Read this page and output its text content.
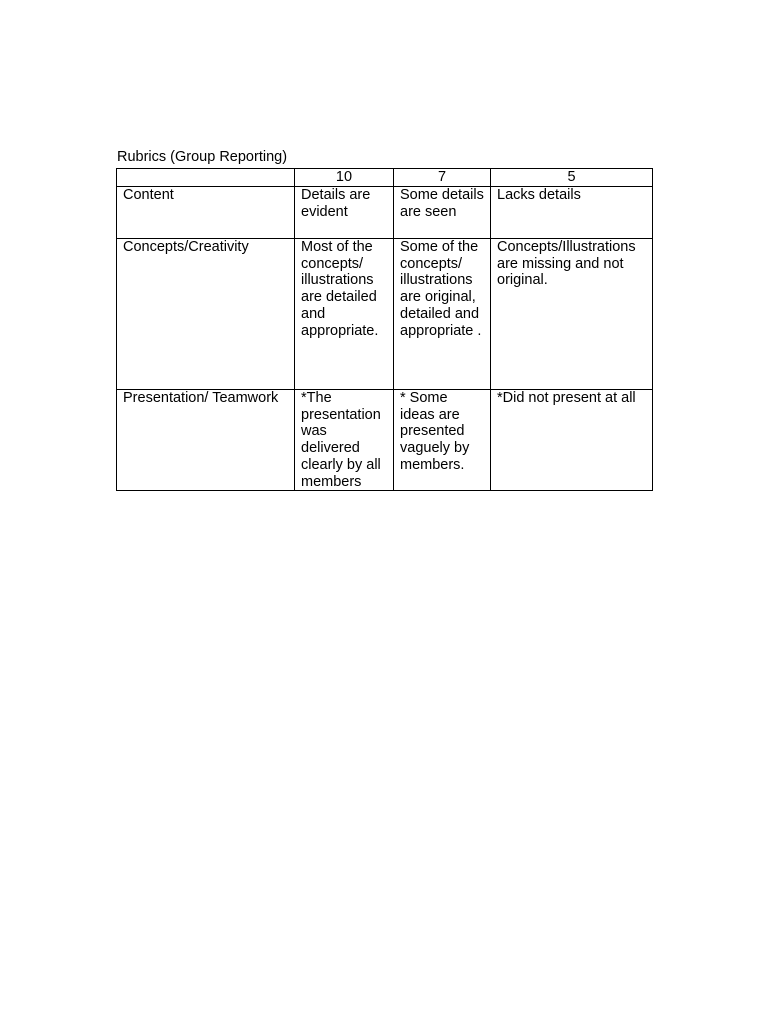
Rubrics (Group Reporting)
	10	7	5

Content	Details are evident	Some details are seen	Lacks details

Concepts/Creativity	Most of the concepts/ illustrations are detailed and appropriate.	Some of the concepts/ illustrations are original, detailed and appropriate .	Concepts/Illustrations are missing and not original.

Presentation/ Teamwork	*The presentation was delivered clearly by all members	* Some ideas are presented vaguely by members.	*Did not present at all
